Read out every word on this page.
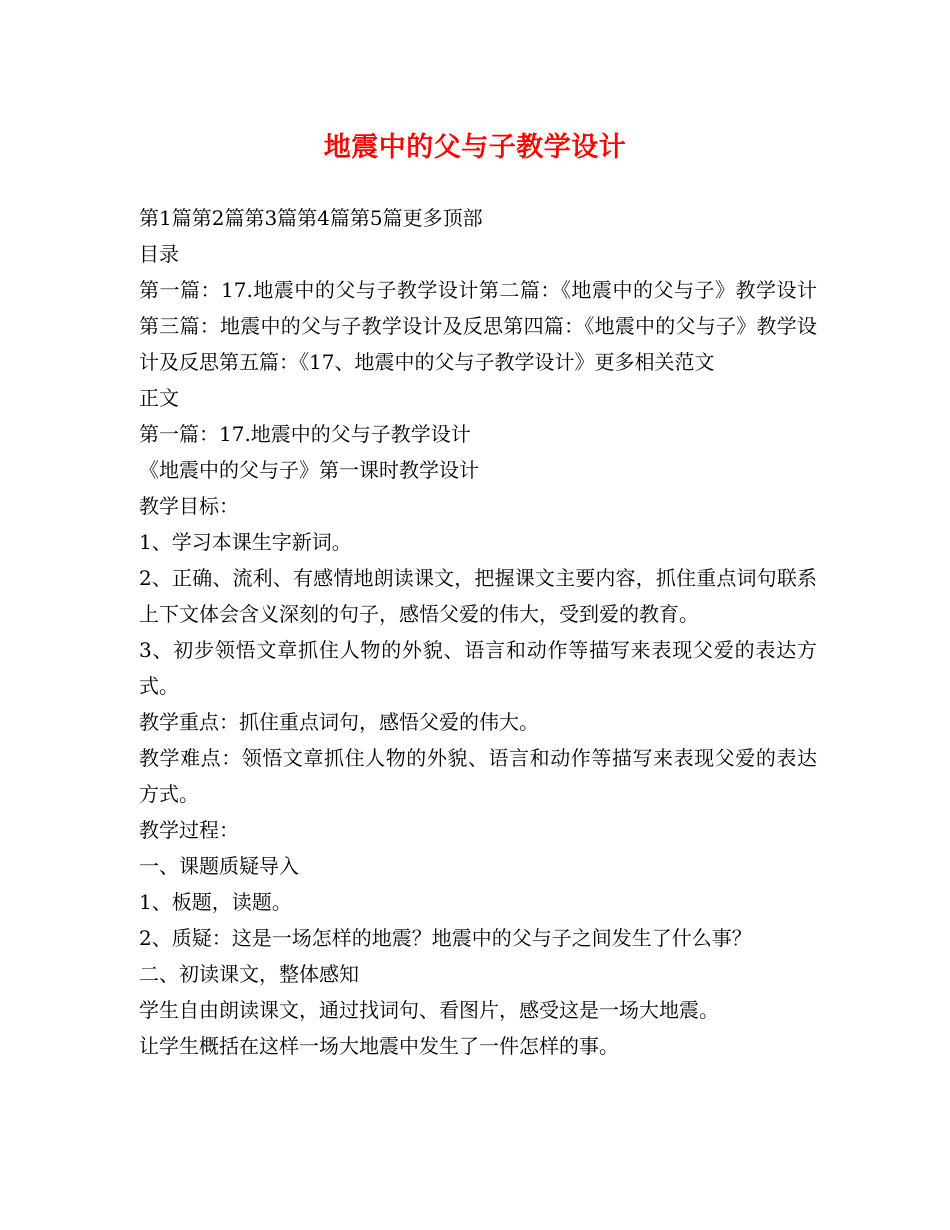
地震中的父与子教学设计

第1篇第2篇第3篇第4篇第5篇更多顶部

目录

第一篇：17.地震中的父与子教学设计第二篇：《地震中的父与子》教学设计第三篇：地震中的父与子教学设计及反思第四篇：《地震中的父与子》教学设计及反思第五篇：《17、地震中的父与子教学设计》更多相关范文

正文

第一篇：17.地震中的父与子教学设计

《地震中的父与子》第一课时教学设计

教学目标：

1、学习本课生字新词。

2、正确、流利、有感情地朗读课文，把握课文主要内容，抓住重点词句联系上下文体会含义深刻的句子，感悟父爱的伟大，受到爱的教育。

3、初步领悟文章抓住人物的外貌、语言和动作等描写来表现父爱的表达方式。

教学重点：抓住重点词句，感悟父爱的伟大。

教学难点：领悟文章抓住人物的外貌、语言和动作等描写来表现父爱的表达方式。

教学过程：

一、课题质疑导入

1、板题，读题。

2、质疑：这是一场怎样的地震？地震中的父与子之间发生了什么事？

二、初读课文，整体感知

学生自由朗读课文，通过找词句、看图片，感受这是一场大地震。

让学生概括在这样一场大地震中发生了一件怎样的事。
